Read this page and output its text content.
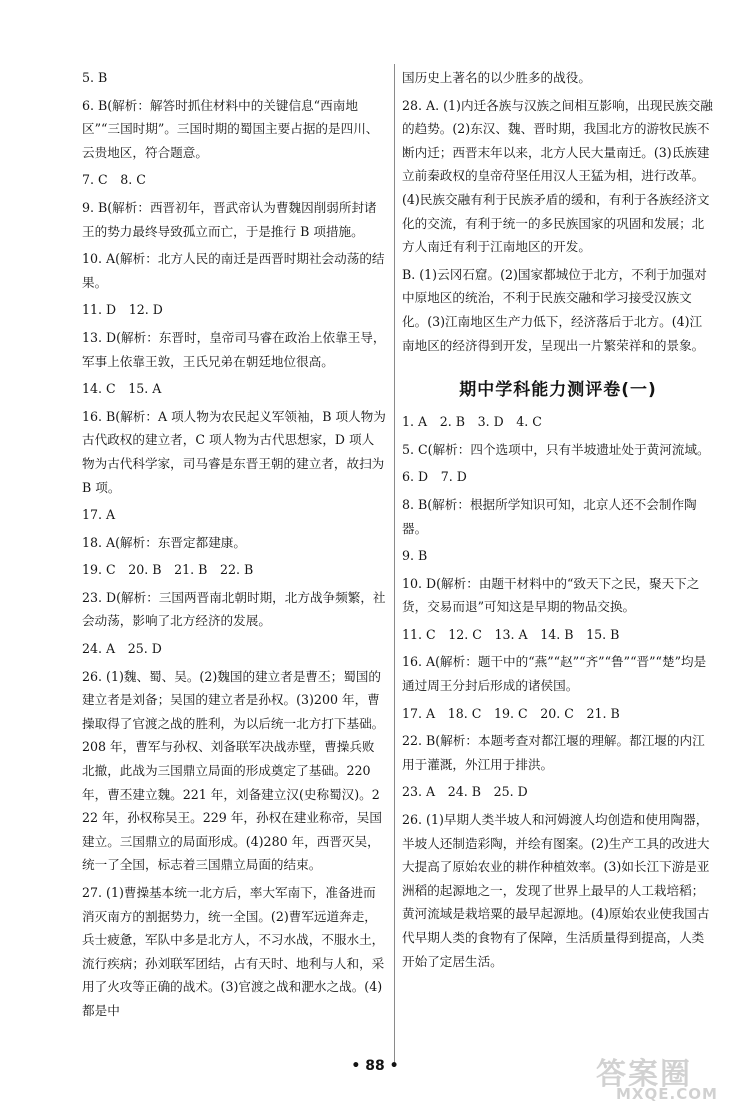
5. B

6. B(解析：解答时抓住材料中的关键信息“西南地区”“三国时期”。三国时期的蜀国主要占据的是四川、云贵地区，符合题意。

7. C　8. C

9. B(解析：西晋初年，晋武帝认为曹魏因削弱所封诸王的势力最终导致孤立而亡，于是推行 B 项措施。

10. A(解析：北方人民的南迁是西晋时期社会动荡的结果。

11. D　12. D

13. D(解析：东晋时，皇帝司马睿在政治上依靠王导，军事上依靠王敦，王氏兄弟在朝廷地位很高。

14. C　15. A

16. B(解析：A 项人物为农民起义军领袖，B 项人物为古代政权的建立者，C 项人物为古代思想家，D 项人物为古代科学家，司马睿是东晋王朝的建立者，故扫为 B 项。

17. A

18. A(解析：东晋定都建康。

19. C　20. B　21. B　22. B

23. D(解析：三国两晋南北朝时期，北方战争频繁，社会动荡，影响了北方经济的发展。

24. A　25. D

26. (1)魏、蜀、吴。(2)魏国的建立者是曹丕；蜀国的建立者是刘备；吴国的建立者是孙权。(3)200 年，曹操取得了官渡之战的胜利，为以后统一北方打下基础。208 年，曹军与孙权、刘备联军决战赤壁，曹操兵败北撤，此战为三国鼎立局面的形成奠定了基础。220 年，曹丕建立魏。221 年，刘备建立汉(史称蜀汉)。222 年，孙权称吴王。229 年，孙权在建业称帝，吴国建立。三国鼎立的局面形成。(4)280 年，西晋灭吴，统一了全国，标志着三国鼎立局面的结束。

27. (1)曹操基本统一北方后，率大军南下，准备进而消灭南方的割据势力，统一全国。(2)曹军远道奔走，兵士疲惫，军队中多是北方人，不习水战，不服水土，流行疾病；孙刘联军团结，占有天时、地利与人和，采用了火攻等正确的战术。(3)官渡之战和淝水之战。(4)都是中

国历史上著名的以少胜多的战役。

28. A. (1)内迁各族与汉族之间相互影响，出现民族交融的趋势。(2)东汉、魏、晋时期，我国北方的游牧民族不断内迁；西晋末年以来，北方人民大量南迁。(3)氐族建立前秦政权的皇帝苻坚任用汉人王猛为相，进行改革。(4)民族交融有利于民族矛盾的缓和，有利于各族经济文化的交流，有利于统一的多民族国家的巩固和发展；北方人南迁有利于江南地区的开发。

B. (1)云冈石窟。(2)国家都城位于北方，不利于加强对中原地区的统治，不利于民族交融和学习接受汉族文化。(3)江南地区生产力低下，经济落后于北方。(4)江南地区的经济得到开发，呈现出一片繁荣祥和的景象。

期中学科能力测评卷(一)

1. A　2. B　3. D　4. C

5. C(解析：四个选项中，只有半坡遗址处于黄河流域。

6. D　7. D

8. B(解析：根据所学知识可知，北京人还不会制作陶器。

9. B

10. D(解析：由题干材料中的“致天下之民，聚天下之货，交易而退”可知这是早期的物品交换。

11. C　12. C　13. A　14. B　15. B

16. A(解析：题干中的“燕”“赵”“齐”“鲁”“晋”“楚”均是通过周王分封后形成的诸侯国。

17. A　18. C　19. C　20. C　21. B

22. B(解析：本题考查对都江堰的理解。都江堰的内江用于灌溉，外江用于排洪。

23. A　24. B　25. D

26. (1)早期人类半坡人和河姆渡人均创造和使用陶器，半坡人还制造彩陶，并绘有图案。(2)生产工具的改进大大提高了原始农业的耕作种植效率。(3)如长江下游是亚洲稻的起源地之一，发现了世界上最早的人工栽培稻；黄河流域是栽培粟的最早起源地。(4)原始农业使我国古代早期人类的食物有了保障，生活质量得到提高，人类开始了定居生活。

• 88 •	答案圈
MXQE.COM
